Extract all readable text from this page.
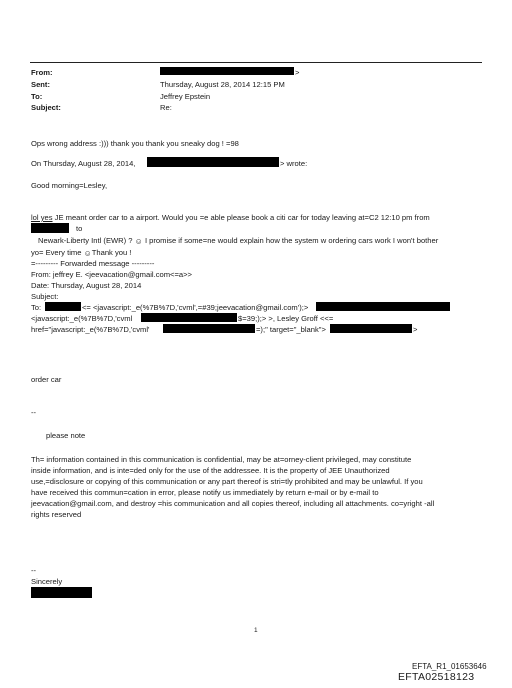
From:	>
Sent:	Thursday, August 28, 2014 12:15 PM
To:	Jeffrey Epstein
Subject:	Re:
Ops wrong address :))) thank you thank you sneaky dog ! =98
On Thursday, August 28, 2014,	> wrote:
Good morning=Lesley,
lol yes JE meant order car to a airport. Would you =e able please book a citi car for today leaving at=C2 12:10 pm from
to
Newark-Liberty Intl (EWR) ? ☺ I promise if some=ne would explain how the system w ordering cars work I won't bother
yo= Every time ☺Thank you !
=--------- Forwarded message ---------
From: jeffrey E. <jeevacation@gmail.com<=a>>
Date: Thursday, August 28, 2014
Subject:
To:	<= <javascript:_e(%7B%7D,'cvml',=#39;jeevacation@gmail.com');>
<javascript:_e(%7B%7D,'cvml	$=39;);> >, Lesley Groff <<=
href="javascript:_e(%7B%7D,'cvml'	=);" target="_blank">	>
order car
--
please note
Th= information contained in this communication is confidential, may be at=orney-client privileged, may constitute
inside information, and is inte=ded only for the use of the addressee. It is the property of JEE Unauthorized
use,=disclosure or copying of this communication or any part thereof is stri=tly prohibited and may be unlawful. If you
have received this commun=cation in error, please notify us immediately by return e-mail or by e-mail to
jeevacation@gmail.com, and destroy =his communication and all copies thereof, including all attachments. co=yright -all
rights reserved
--
Sincerely
1
EFTA_R1_01653646
EFTA02518123
